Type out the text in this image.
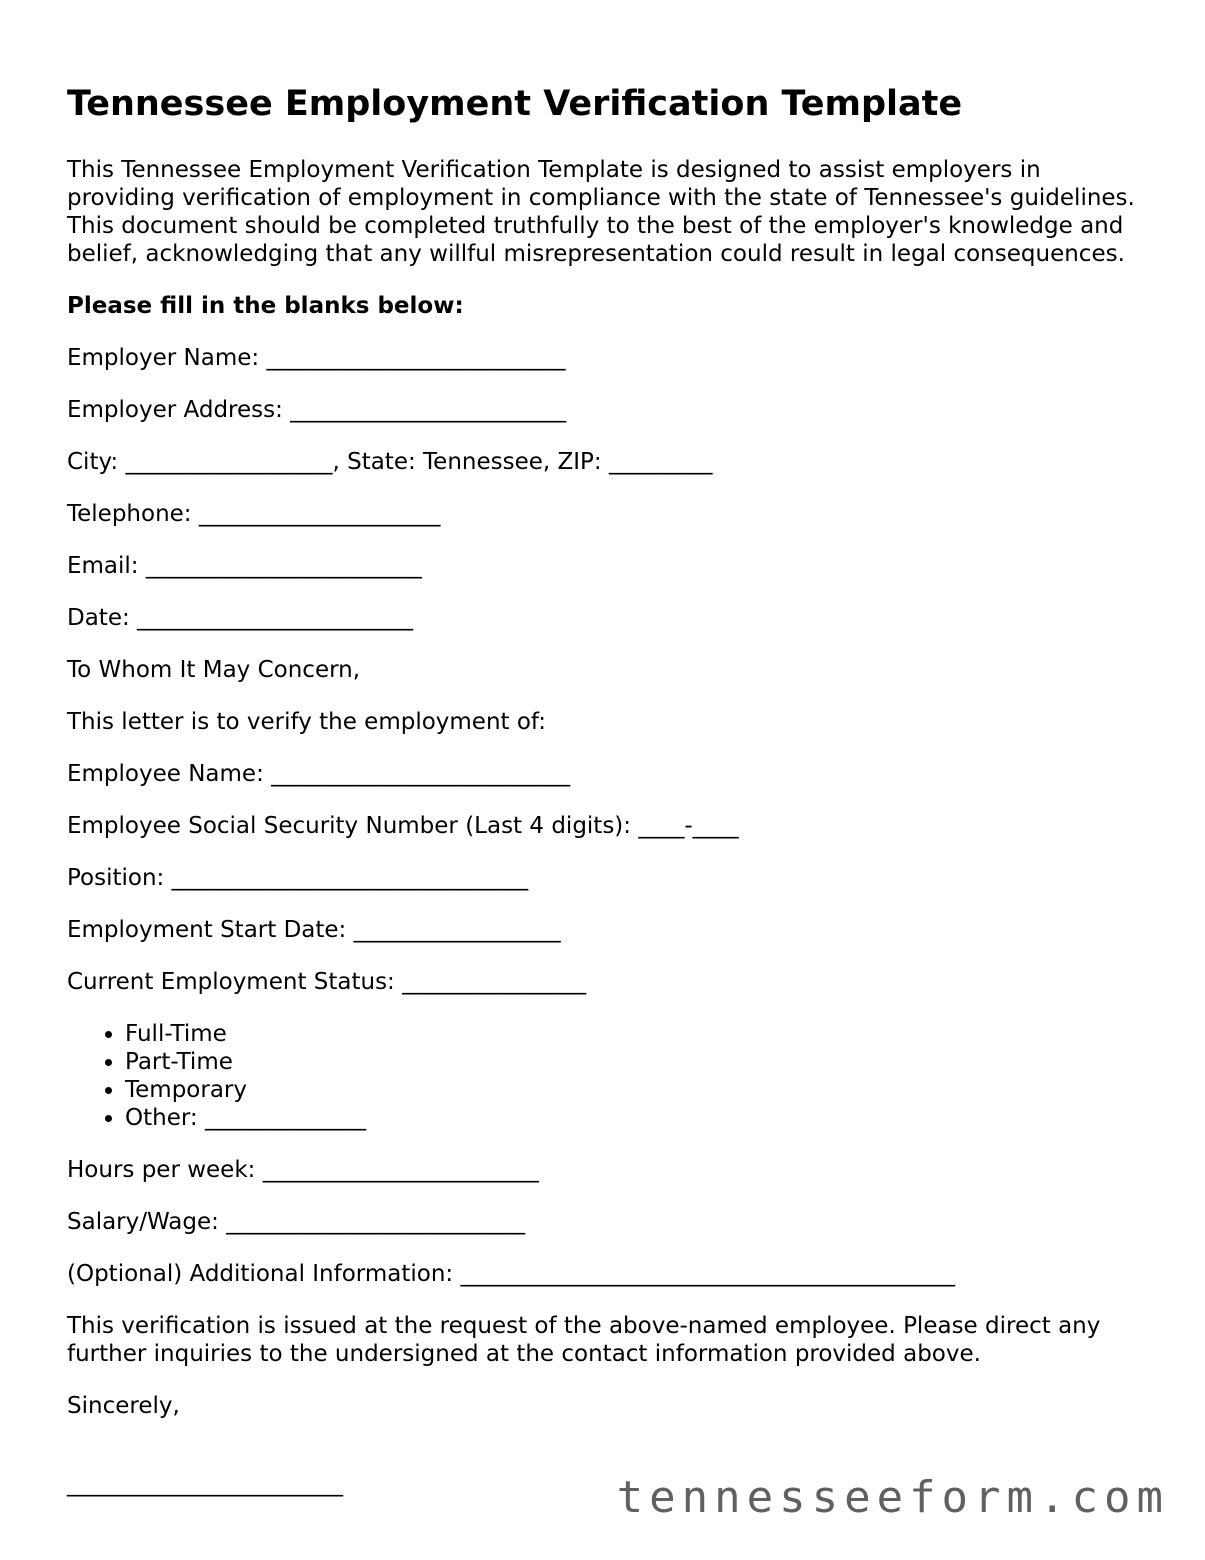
Tennessee Employment Verification Template

This Tennessee Employment Verification Template is designed to assist employers in providing verification of employment in compliance with the state of Tennessee's guidelines. This document should be completed truthfully to the best of the employer's knowledge and belief, acknowledging that any willful misrepresentation could result in legal consequences.

Please fill in the blanks below:

Employer Name: __________________________

Employer Address: ________________________

City: __________________, State: Tennessee, ZIP: _________

Telephone: _____________________

Email: ________________________

Date: ________________________

To Whom It May Concern,

This letter is to verify the employment of:

Employee Name: __________________________

Employee Social Security Number (Last 4 digits): ____-____

Position: _______________________________

Employment Start Date: __________________

Current Employment Status: ________________

• Full-Time
• Part-Time
• Temporary
• Other: ______________

Hours per week: ________________________

Salary/Wage: __________________________

(Optional) Additional Information: ___________________________________________

This verification is issued at the request of the above-named employee. Please direct any further inquiries to the undersigned at the contact information provided above.

Sincerely,

________________________	tennesseeform.com
